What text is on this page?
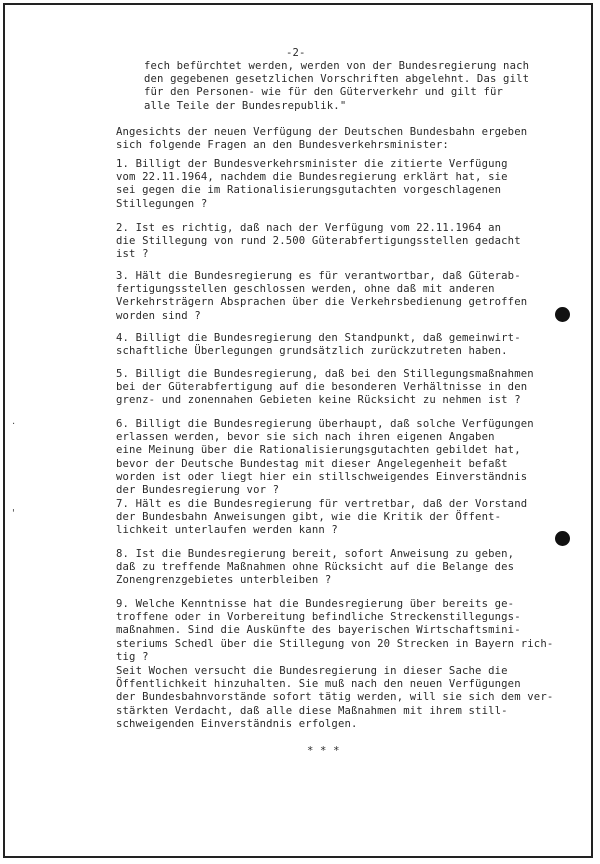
-2-
fech befürchtet werden, werden von der Bundesregierung nach
den gegebenen gesetzlichen Vorschriften abgelehnt. Das gilt
für den Personen- wie für den Güterverkehr und gilt für
alle Teile der Bundesrepublik."
Angesichts der neuen Verfügung der Deutschen Bundesbahn ergeben
sich folgende Fragen an den Bundesverkehrsminister:
1. Billigt der Bundesverkehrsminister die zitierte Verfügung
vom 22.11.1964, nachdem die Bundesregierung erklärt hat, sie
sei gegen die im Rationalisierungsgutachten vorgeschlagenen
Stillegungen ?
2. Ist es richtig, daß nach der Verfügung vom 22.11.1964 an
die Stillegung von rund 2.500 Güterabfertigungsstellen gedacht
ist ?
3. Hält die Bundesregierung es für verantwortbar, daß Güterab-
fertigungsstellen geschlossen werden, ohne daß mit anderen
Verkehrsträgern Absprachen über die Verkehrsbedienung getroffen
worden sind ?
4. Billigt die Bundesregierung den Standpunkt, daß gemeinwirt-
schaftliche Überlegungen grundsätzlich zurückzutreten haben.
5. Billigt die Bundesregierung, daß bei den Stillegungsmaßnahmen
bei der Güterabfertigung auf die besonderen Verhältnisse in den
grenz- und zonennahen Gebieten keine Rücksicht zu nehmen ist ?
6. Billigt die Bundesregierung überhaupt, daß solche Verfügungen
erlassen werden, bevor sie sich nach ihren eigenen Angaben
eine Meinung über die Rationalisierungsgutachten gebildet hat,
bevor der Deutsche Bundestag mit dieser Angelegenheit befaßt
worden ist oder liegt hier ein stillschweigendes Einverständnis
der Bundesregierung vor ?
7. Hält es die Bundesregierung für vertretbar, daß der Vorstand
der Bundesbahn Anweisungen gibt, wie die Kritik der Öffent-
lichkeit unterlaufen werden kann ?
8. Ist die Bundesregierung bereit, sofort Anweisung zu geben,
daß zu treffende Maßnahmen ohne Rücksicht auf die Belange des
Zonengrenzgebietes unterbleiben ?
9. Welche Kenntnisse hat die Bundesregierung über bereits ge-
troffene oder in Vorbereitung befindliche Streckenstillegungs-
maßnahmen. Sind die Auskünfte des bayerischen Wirtschaftsmini-
steriums Schedl über die Stillegung von 20 Strecken in Bayern rich-
tig ?
Seit Wochen versucht die Bundesregierung in dieser Sache die
Öffentlichkeit hinzuhalten. Sie muß nach den neuen Verfügungen
der Bundesbahnvorstände sofort tätig werden, will sie sich dem ver-
stärkten Verdacht, daß alle diese Maßnahmen mit ihrem still-
schweigenden Einverständnis erfolgen.
.
'
* * *
